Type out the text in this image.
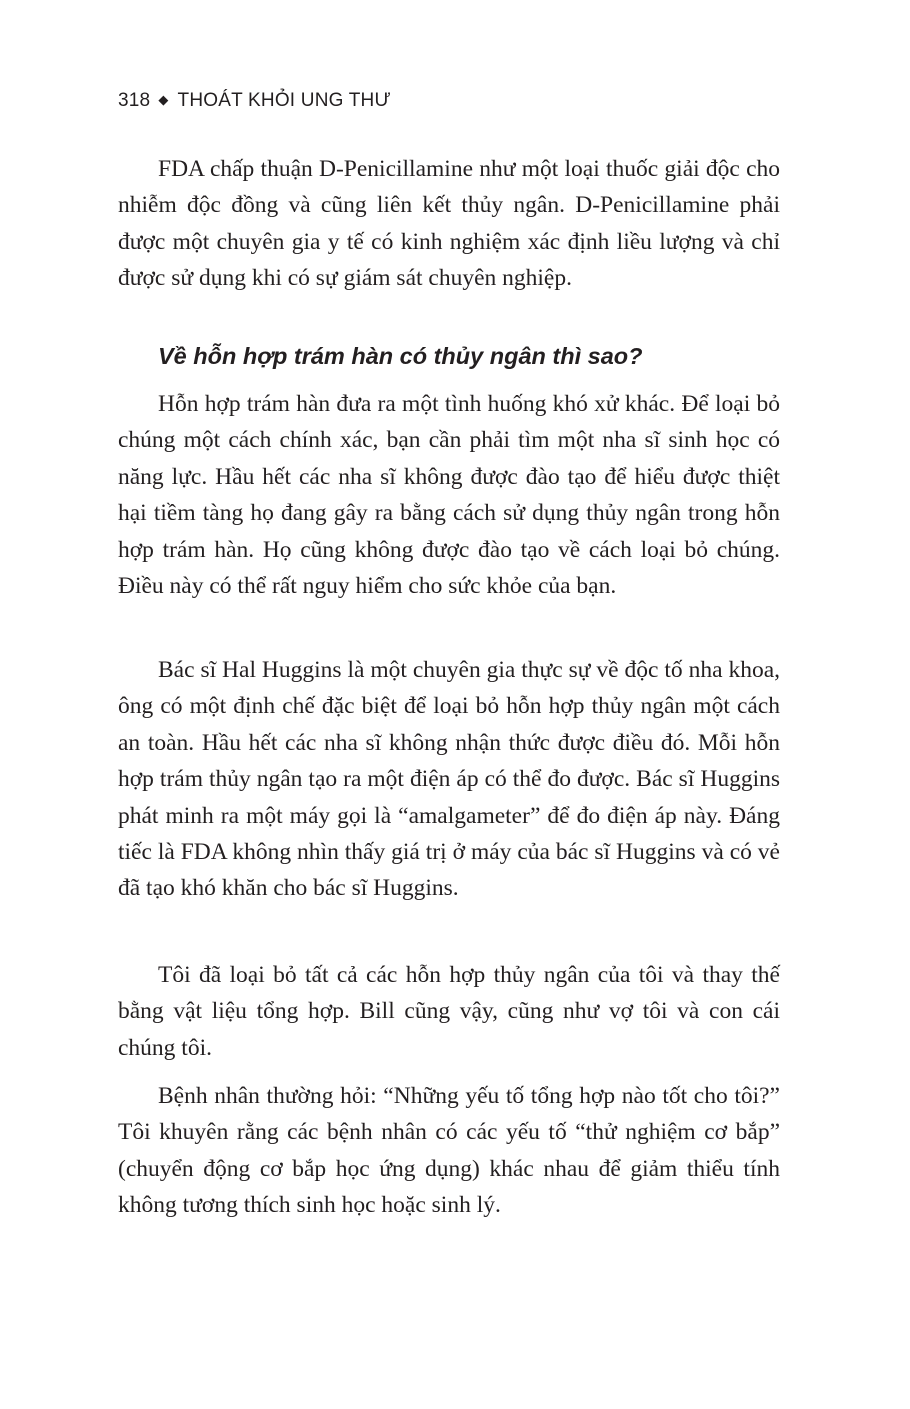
318 ◆ THOÁT KHỎI UNG THƯ

FDA chấp thuận D-Penicillamine như một loại thuốc giải độc cho nhiễm độc đồng và cũng liên kết thủy ngân. D-Penicillamine phải được một chuyên gia y tế có kinh nghiệm xác định liều lượng và chỉ được sử dụng khi có sự giám sát chuyên nghiệp.

Về hỗn hợp trám hàn có thủy ngân thì sao?

Hỗn hợp trám hàn đưa ra một tình huống khó xử khác. Để loại bỏ chúng một cách chính xác, bạn cần phải tìm một nha sĩ sinh học có năng lực. Hầu hết các nha sĩ không được đào tạo để hiểu được thiệt hại tiềm tàng họ đang gây ra bằng cách sử dụng thủy ngân trong hỗn hợp trám hàn. Họ cũng không được đào tạo về cách loại bỏ chúng. Điều này có thể rất nguy hiểm cho sức khỏe của bạn.

Bác sĩ Hal Huggins là một chuyên gia thực sự về độc tố nha khoa, ông có một định chế đặc biệt để loại bỏ hỗn hợp thủy ngân một cách an toàn. Hầu hết các nha sĩ không nhận thức được điều đó. Mỗi hỗn hợp trám thủy ngân tạo ra một điện áp có thể đo được. Bác sĩ Huggins phát minh ra một máy gọi là “amalgameter” để đo điện áp này. Đáng tiếc là FDA không nhìn thấy giá trị ở máy của bác sĩ Huggins và có vẻ đã tạo khó khăn cho bác sĩ Huggins.

Tôi đã loại bỏ tất cả các hỗn hợp thủy ngân của tôi và thay thế bằng vật liệu tổng hợp. Bill cũng vậy, cũng như vợ tôi và con cái chúng tôi.

Bệnh nhân thường hỏi: “Những yếu tố tổng hợp nào tốt cho tôi?” Tôi khuyên rằng các bệnh nhân có các yếu tố “thử nghiệm cơ bắp” (chuyển động cơ bắp học ứng dụng) khác nhau để giảm thiểu tính không tương thích sinh học hoặc sinh lý.
